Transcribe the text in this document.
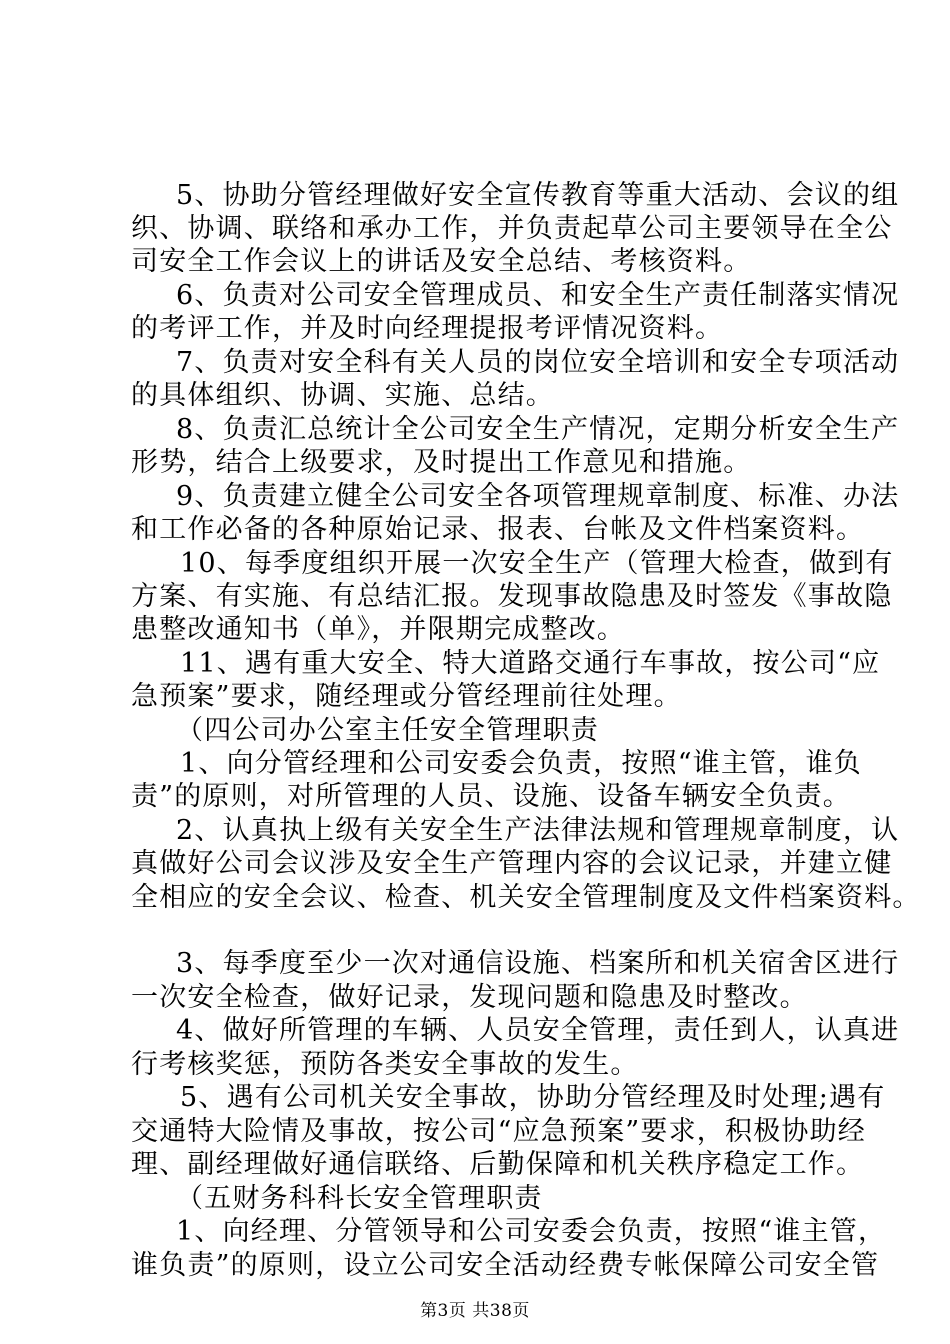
5、协助分管经理做好安全宣传教育等重大活动、会议的组
织、协调、联络和承办工作，并负责起草公司主要领导在全公
司安全工作会议上的讲话及安全总结、考核资料。
6、负责对公司安全管理成员、和安全生产责任制落实情况
的考评工作，并及时向经理提报考评情况资料。
7、负责对安全科有关人员的岗位安全培训和安全专项活动
的具体组织、协调、实施、总结。
8、负责汇总统计全公司安全生产情况，定期分析安全生产
形势，结合上级要求，及时提出工作意见和措施。
9、负责建立健全公司安全各项管理规章制度、标准、办法
和工作必备的各种原始记录、报表、台帐及文件档案资料。
10、每季度组织开展一次安全生产（管理大检查，做到有
方案、有实施、有总结汇报。发现事故隐患及时签发《事故隐
患整改通知书（单》，并限期完成整改。
11、遇有重大安全、特大道路交通行车事故，按公司“应
急预案”要求，随经理或分管经理前往处理。
（四公司办公室主任安全管理职责
1、向分管经理和公司安委会负责，按照“谁主管，谁负
责”的原则，对所管理的人员、设施、设备车辆安全负责。
2、认真执上级有关安全生产法律法规和管理规章制度，认
真做好公司会议涉及安全生产管理内容的会议记录，并建立健
全相应的安全会议、检查、机关安全管理制度及文件档案资料。
3、每季度至少一次对通信设施、档案所和机关宿舍区进行
一次安全检查，做好记录，发现问题和隐患及时整改。
4、做好所管理的车辆、人员安全管理，责任到人，认真进
行考核奖惩，预防各类安全事故的发生。
5、遇有公司机关安全事故，协助分管经理及时处理;遇有
交通特大险情及事故，按公司“应急预案”要求，积极协助经
理、副经理做好通信联络、后勤保障和机关秩序稳定工作。
（五财务科科长安全管理职责
1、向经理、分管领导和公司安委会负责，按照“谁主管，
谁负责”的原则，设立公司安全活动经费专帐保障公司安全管
第3页 共38页
